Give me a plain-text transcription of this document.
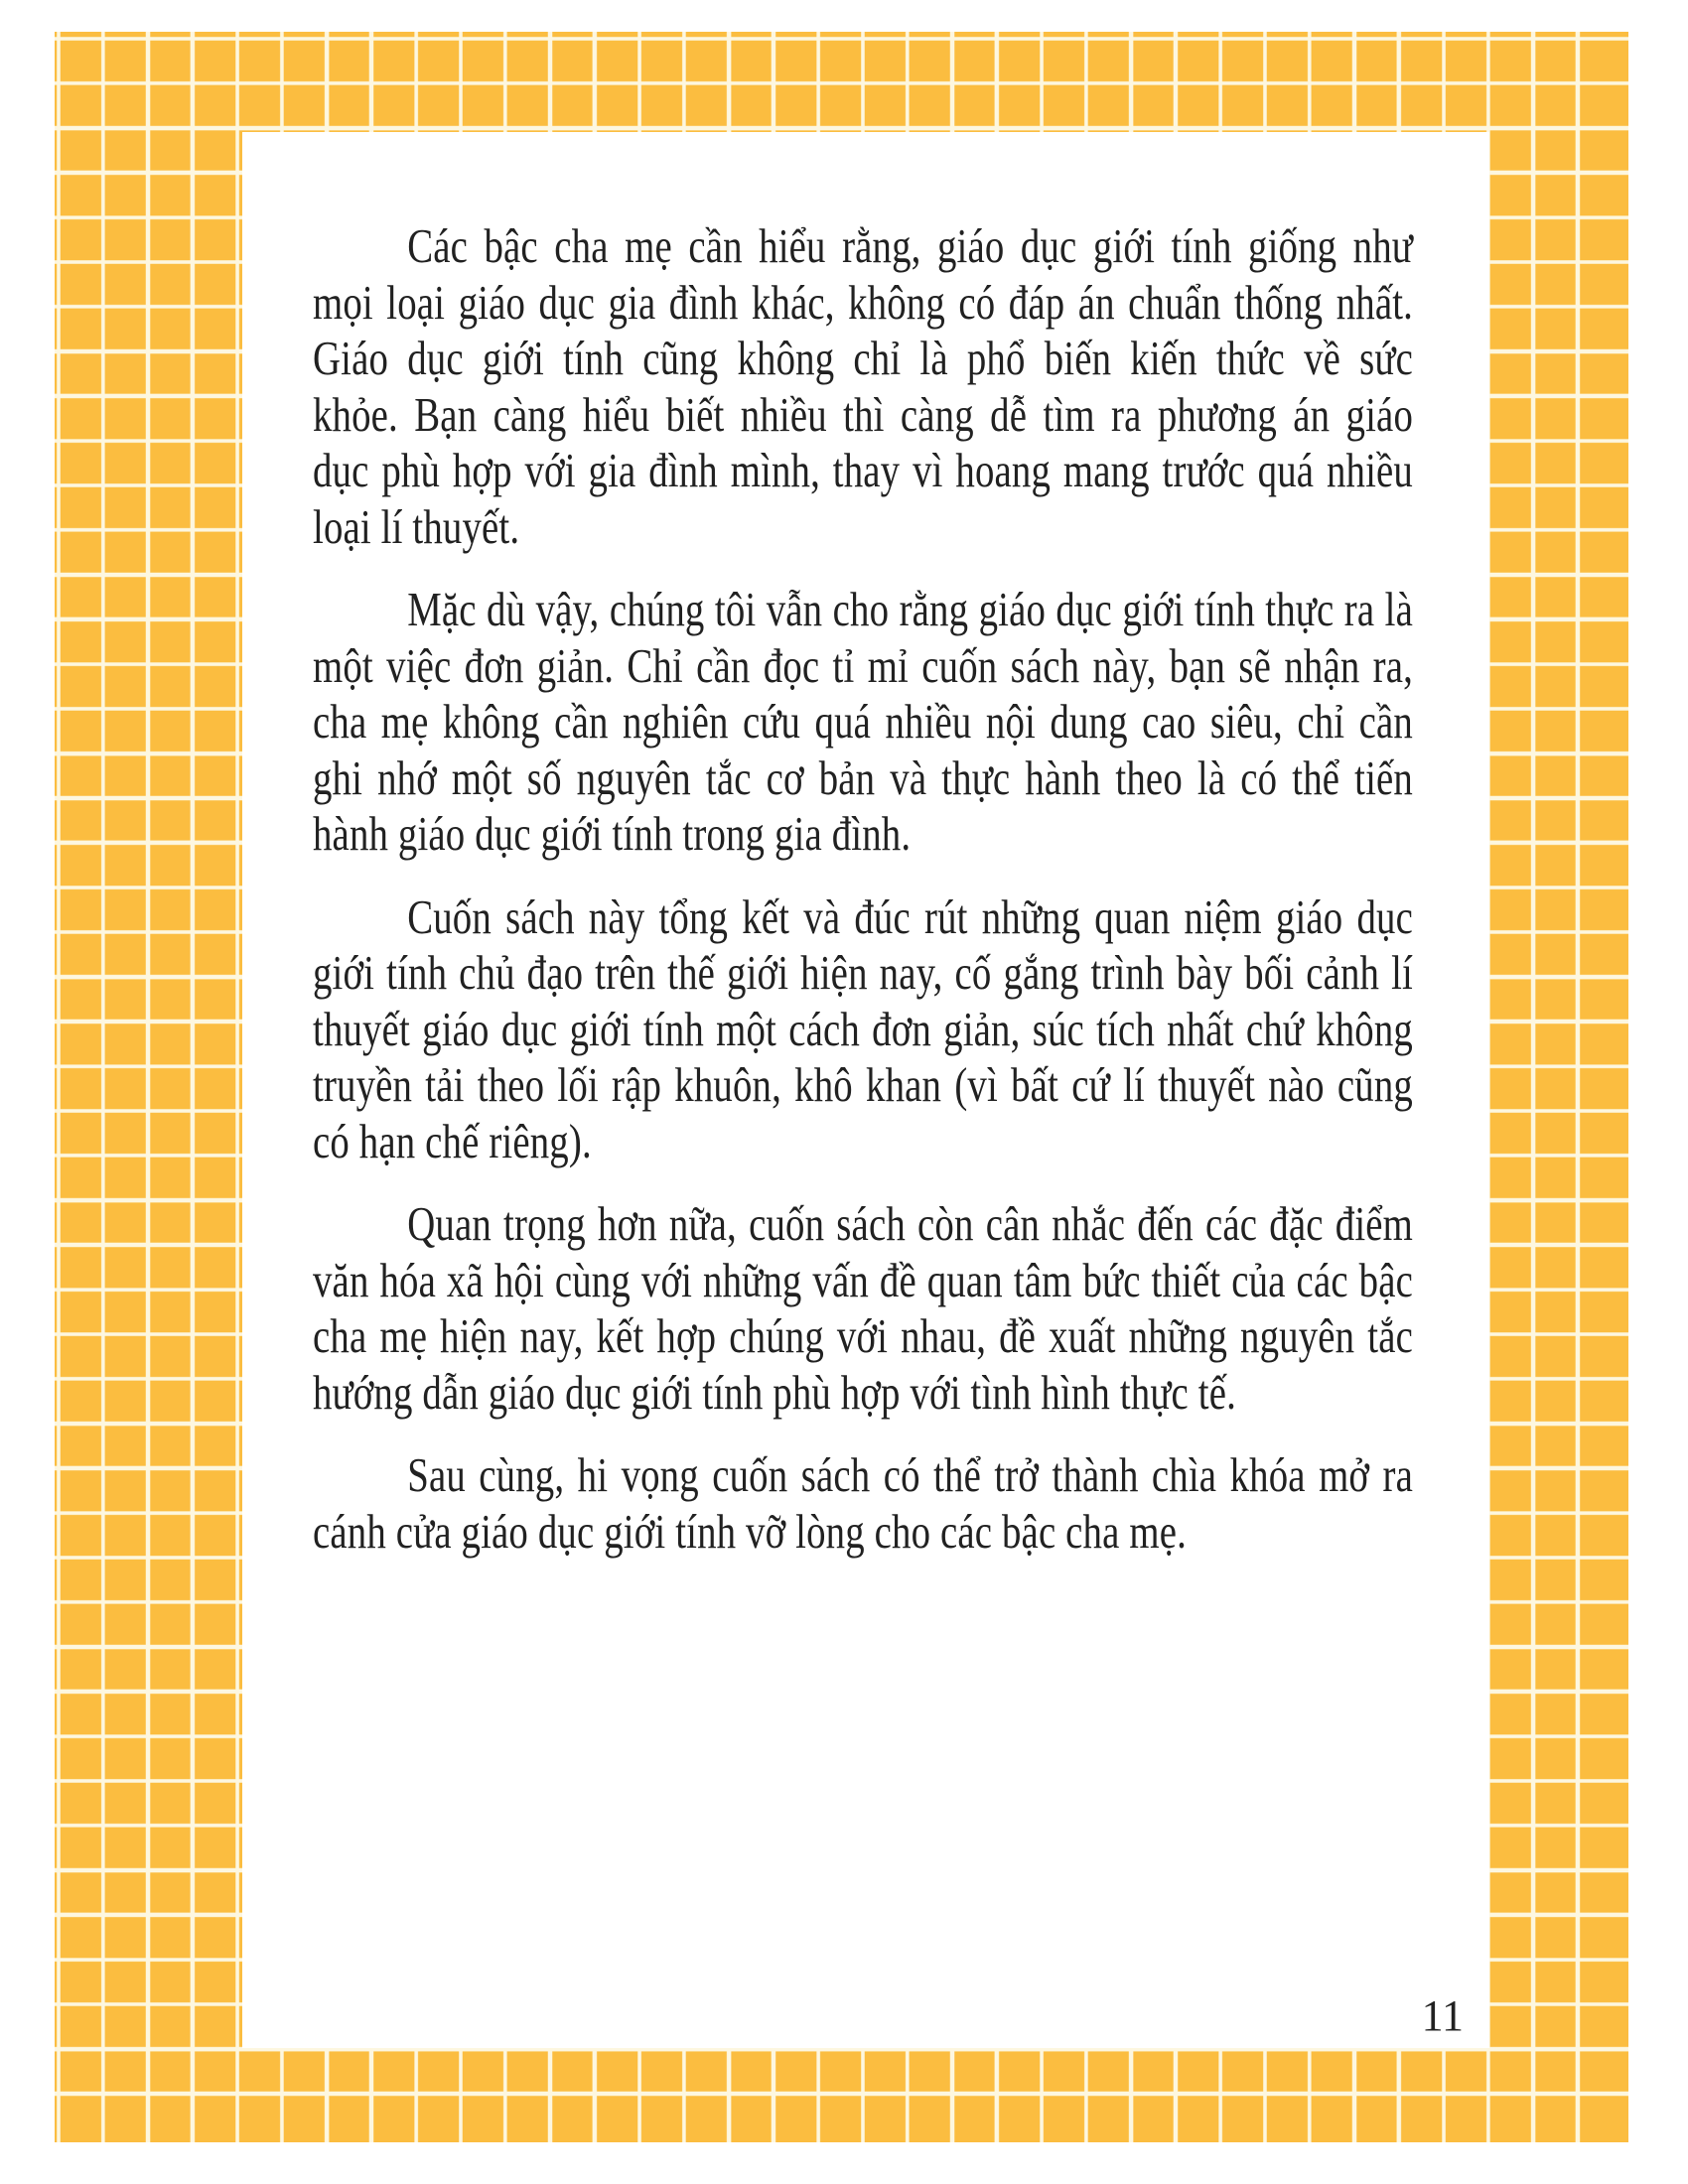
Các bậc cha mẹ cần hiểu rằng, giáo dục giới tính giống như
mọi loại giáo dục gia đình khác, không có đáp án chuẩn thống nhất.
Giáo dục giới tính cũng không chỉ là phổ biến kiến thức về sức
khỏe. Bạn càng hiểu biết nhiều thì càng dễ tìm ra phương án giáo
dục phù hợp với gia đình mình, thay vì hoang mang trước quá nhiều
loại lí thuyết.
Mặc dù vậy, chúng tôi vẫn cho rằng giáo dục giới tính thực ra là
một việc đơn giản. Chỉ cần đọc tỉ mỉ cuốn sách này, bạn sẽ nhận ra,
cha mẹ không cần nghiên cứu quá nhiều nội dung cao siêu, chỉ cần
ghi nhớ một số nguyên tắc cơ bản và thực hành theo là có thể tiến
hành giáo dục giới tính trong gia đình.
Cuốn sách này tổng kết và đúc rút những quan niệm giáo dục
giới tính chủ đạo trên thế giới hiện nay, cố gắng trình bày bối cảnh lí
thuyết giáo dục giới tính một cách đơn giản, súc tích nhất chứ không
truyền tải theo lối rập khuôn, khô khan (vì bất cứ lí thuyết nào cũng
có hạn chế riêng).
Quan trọng hơn nữa, cuốn sách còn cân nhắc đến các đặc điểm
văn hóa xã hội cùng với những vấn đề quan tâm bức thiết của các bậc
cha mẹ hiện nay, kết hợp chúng với nhau, đề xuất những nguyên tắc
hướng dẫn giáo dục giới tính phù hợp với tình hình thực tế.
Sau cùng, hi vọng cuốn sách có thể trở thành chìa khóa mở ra
cánh cửa giáo dục giới tính vỡ lòng cho các bậc cha mẹ.
11
